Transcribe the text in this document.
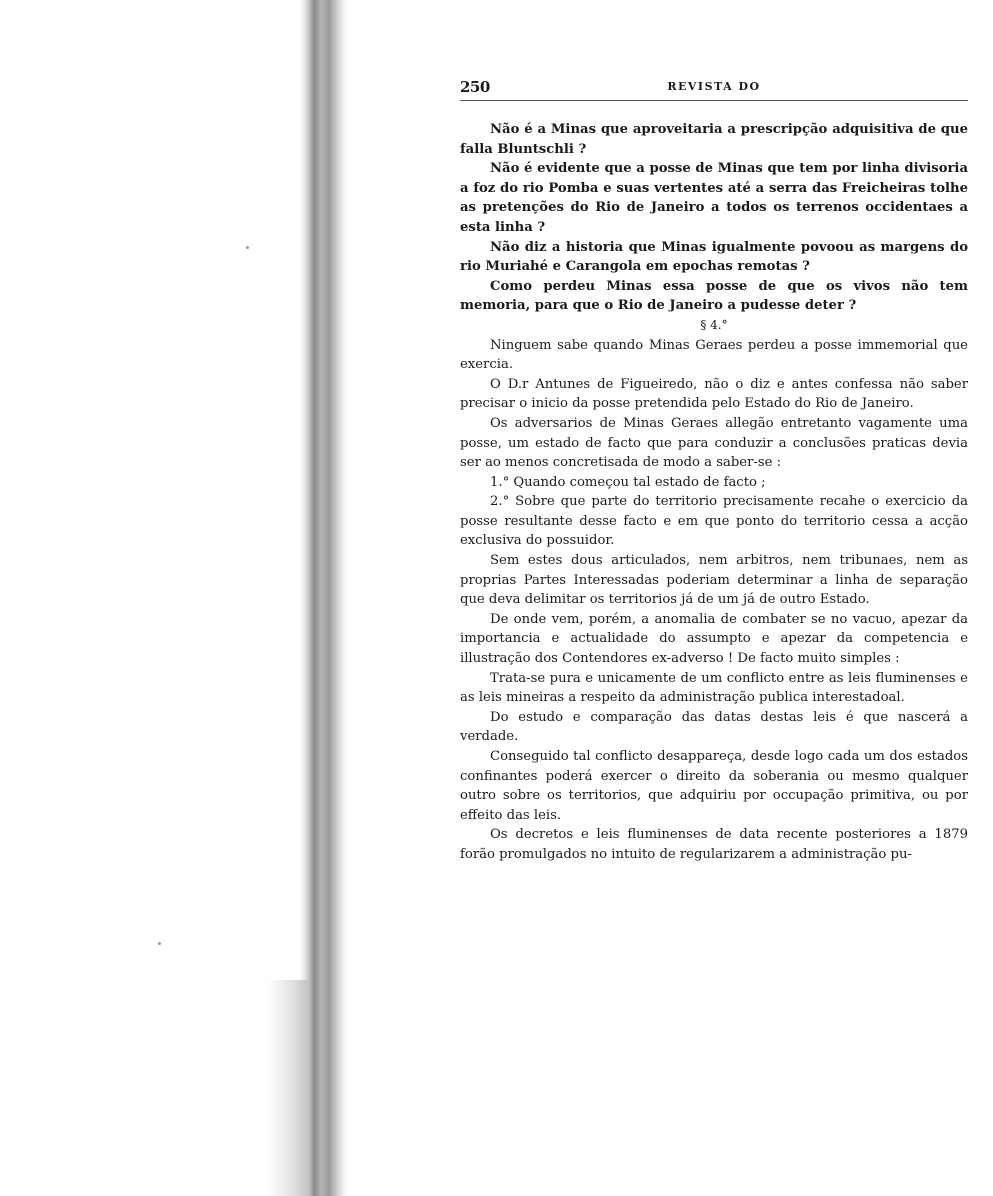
250	REVISTA DO

Não é a Minas que aproveitaria a prescripção adquisitiva de que falla Bluntschli ?

Não é evidente que a posse de Minas que tem por linha divisoria a foz do rio Pomba e suas vertentes até a serra das Freicheiras tolhe as pretenções do Rio de Janeiro a todos os terrenos occidentaes a esta linha ?

Não diz a historia que Minas igualmente povoou as margens do rio Muriahé e Carangola em epochas remotas ?

Como perdeu Minas essa posse de que os vivos não tem memoria, para que o Rio de Janeiro a pudesse deter ?

§ 4.°

Ninguem sabe quando Minas Geraes perdeu a posse immemorial que exercia.

O D.r Antunes de Figueiredo, não o diz e antes confessa não saber precisar o inicio da posse pretendida pelo Estado do Rio de Janeiro.

Os adversarios de Minas Geraes allegão entretanto vagamente uma posse, um estado de facto que para conduzir a conclusões praticas devia ser ao menos concretisada de modo a saber-se :

1.° Quando começou tal estado de facto ;

2.° Sobre que parte do territorio precisamente recahe o exercicio da posse resultante desse facto e em que ponto do territorio cessa a acção exclusiva do possuidor.

Sem estes dous articulados, nem arbitros, nem tribunaes, nem as proprias Partes Interessadas poderiam determinar a linha de separação que deva delimitar os territorios já de um já de outro Estado.

De onde vem, porém, a anomalia de combater se no vacuo, apezar da importancia e actualidade do assumpto e apezar da competencia e illustração dos Contendores ex-adverso ! De facto muito simples :

Trata-se pura e unicamente de um conflicto entre as leis fluminenses e as leis mineiras a respeito da administração publica interestadoal.

Do estudo e comparação das datas destas leis é que nascerá a verdade.

Conseguido tal conflicto desappareça, desde logo cada um dos estados confinantes poderá exercer o direito da soberania ou mesmo qualquer outro sobre os territorios, que adquiriu por occupação primitiva, ou por effeito das leis.

Os decretos e leis fluminenses de data recente posteriores a 1879 forão promulgados no intuito de regularizarem a administração pu-
